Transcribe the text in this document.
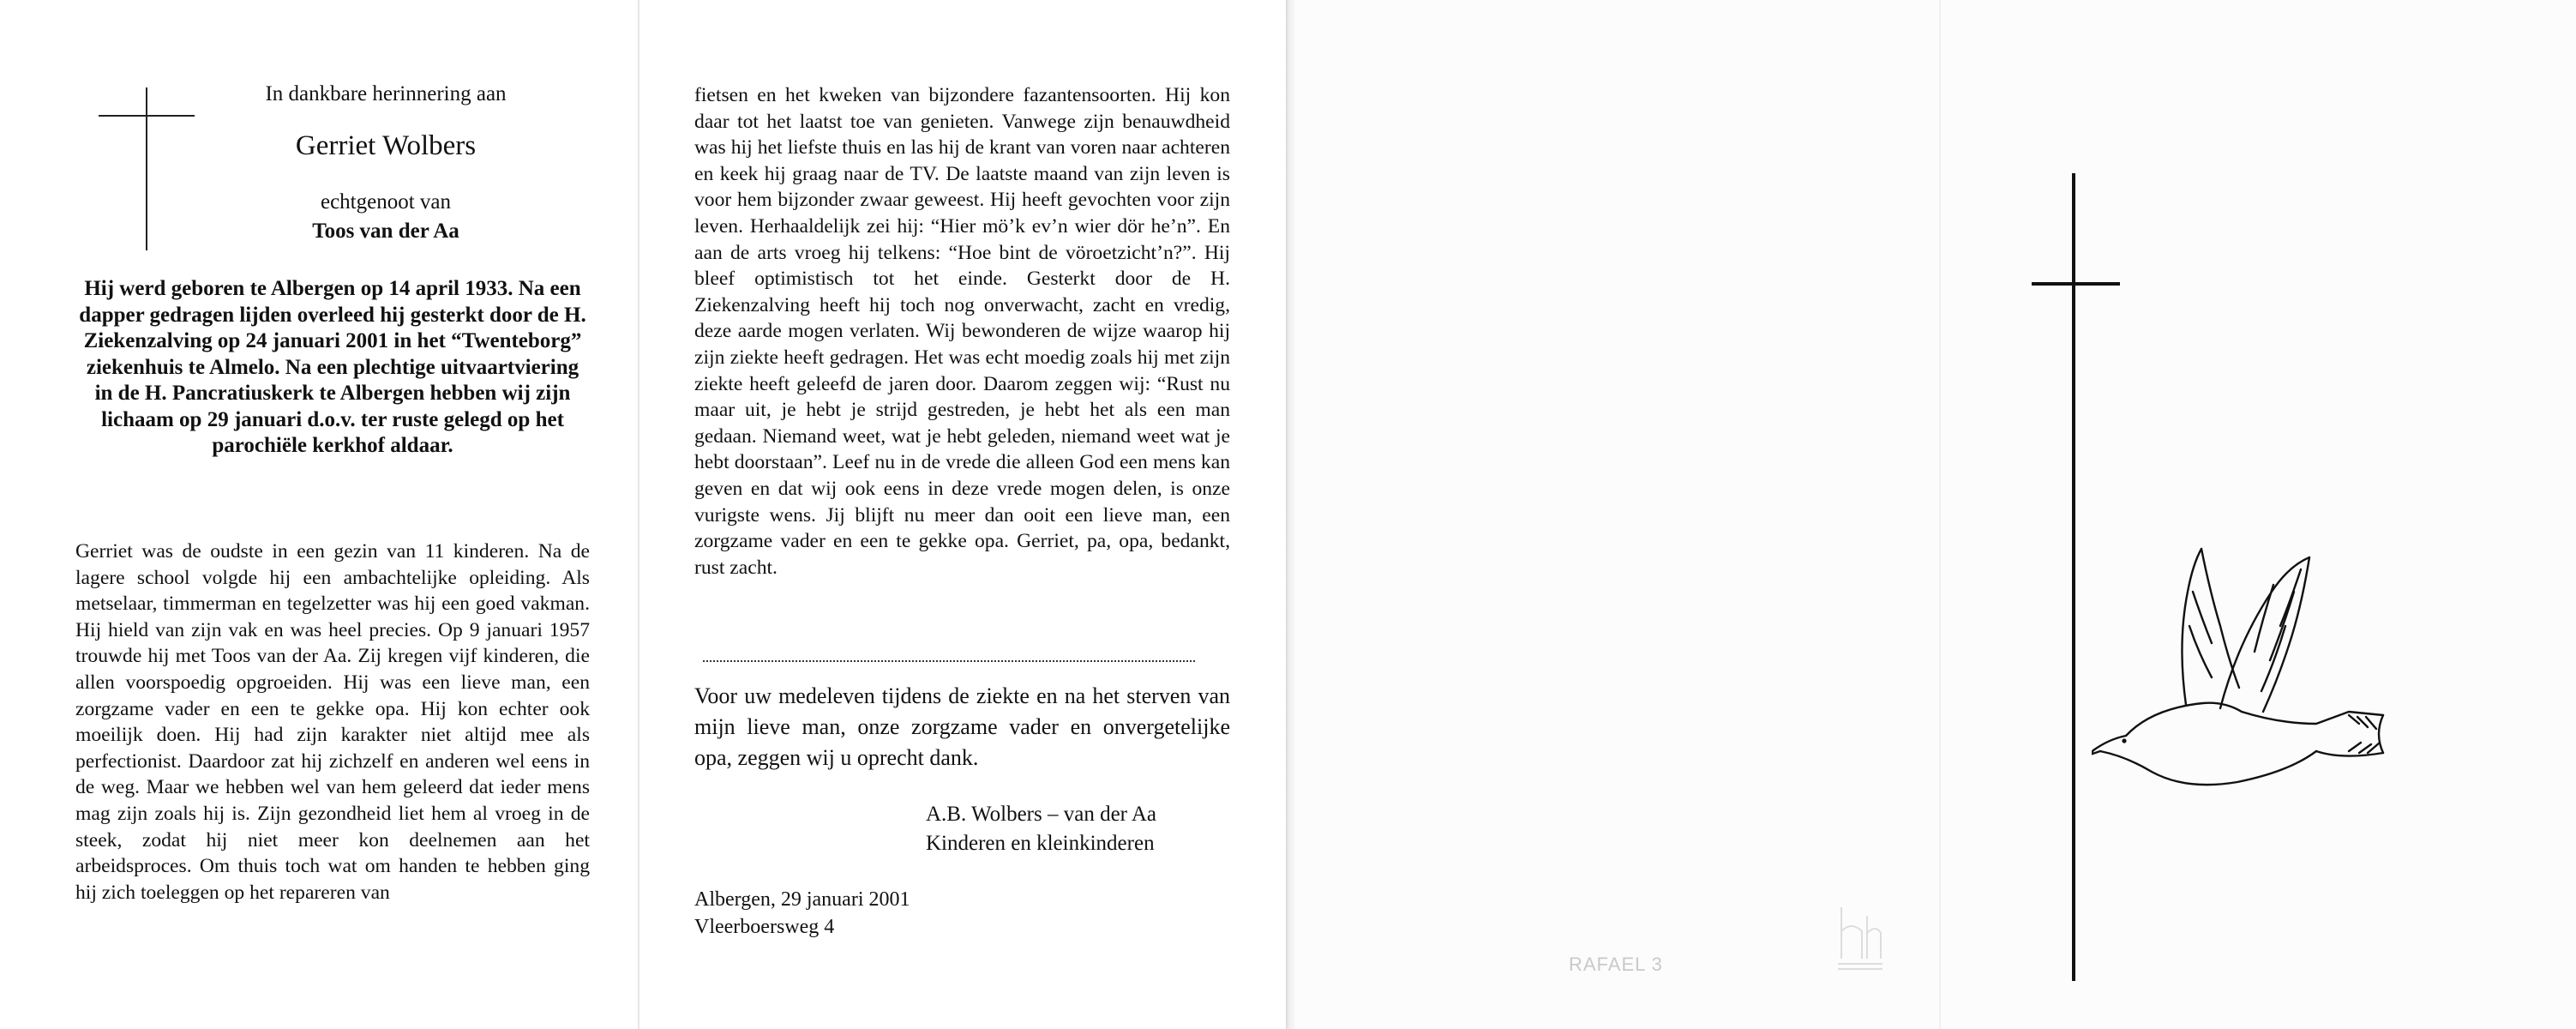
In dankbare herinnering aan
Gerriet Wolbers
echtgenoot van
Toos van der Aa

Hij werd geboren te Albergen op 14 april 1933. Na een dapper gedragen lijden overleed hij gesterkt door de H. Ziekenzalving op 24 januari 2001 in het “Twenteborg” ziekenhuis te Almelo. Na een plechtige uitvaartviering in de H. Pancratiuskerk te Albergen hebben wij zijn lichaam op 29 januari d.o.v. ter ruste gelegd op het parochiële kerkhof aldaar.

Gerriet was de oudste in een gezin van 11 kinderen. Na de lagere school volgde hij een ambachtelijke opleiding. Als metselaar, timmerman en tegelzetter was hij een goed vakman. Hij hield van zijn vak en was heel precies. Op 9 januari 1957 trouwde hij met Toos van der Aa. Zij kregen vijf kinderen, die allen voorspoedig opgroeiden. Hij was een lieve man, een zorgzame vader en een te gekke opa. Hij kon echter ook moeilijk doen. Hij had zijn karakter niet altijd mee als perfectionist. Daardoor zat hij zichzelf en anderen wel eens in de weg. Maar we hebben wel van hem geleerd dat ieder mens mag zijn zoals hij is. Zijn gezondheid liet hem al vroeg in de steek, zodat hij niet meer kon deelnemen aan het arbeidsproces. Om thuis toch wat om handen te hebben ging hij zich toeleggen op het repareren van

fietsen en het kweken van bijzondere fazantensoorten. Hij kon daar tot het laatst toe van genieten. Vanwege zijn benauwdheid was hij het liefste thuis en las hij de krant van voren naar achteren en keek hij graag naar de TV. De laatste maand van zijn leven is voor hem bijzonder zwaar geweest. Hij heeft gevochten voor zijn leven. Herhaaldelijk zei hij: “Hier mö’k ev’n wier dör he’n”. En aan de arts vroeg hij telkens: “Hoe bint de vöroetzicht’n?”. Hij bleef optimistisch tot het einde. Gesterkt door de H. Ziekenzalving heeft hij toch nog onverwacht, zacht en vredig, deze aarde mogen verlaten. Wij bewonderen de wijze waarop hij zijn ziekte heeft gedragen. Het was echt moedig zoals hij met zijn ziekte heeft geleefd de jaren door. Daarom zeggen wij: “Rust nu maar uit, je hebt je strijd gestreden, je hebt het als een man gedaan. Niemand weet, wat je hebt geleden, niemand weet wat je hebt doorstaan”. Leef nu in de vrede die alleen God een mens kan geven en dat wij ook eens in deze vrede mogen delen, is onze vurigste wens. Jij blijft nu meer dan ooit een lieve man, een zorgzame vader en een te gekke opa. Gerriet, pa, opa, bedankt, rust zacht.

Voor uw medeleven tijdens de ziekte en na het sterven van mijn lieve man, onze zorgzame vader en onvergetelijke opa, zeggen wij u oprecht dank.

A.B. Wolbers – van der Aa
Kinderen en kleinkinderen
Albergen, 29 januari 2001
Vleerboersweg 4
RAFAEL 3
